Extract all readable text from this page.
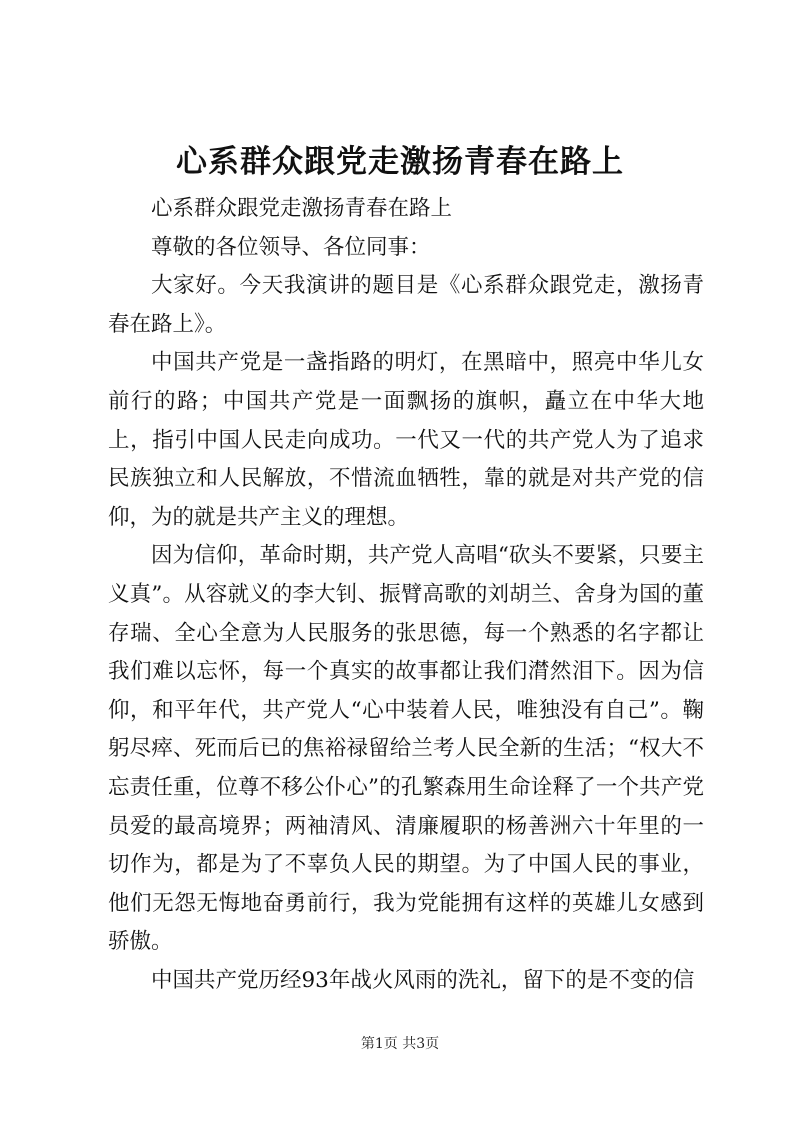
心系群众跟党走激扬青春在路上

心系群众跟党走激扬青春在路上

尊敬的各位领导、各位同事：

大家好。今天我演讲的题目是《心系群众跟党走，激扬青春在路上》。

中国共产党是一盏指路的明灯，在黑暗中，照亮中华儿女前行的路；中国共产党是一面飘扬的旗帜，矗立在中华大地上，指引中国人民走向成功。一代又一代的共产党人为了追求民族独立和人民解放，不惜流血牺牲，靠的就是对共产党的信仰，为的就是共产主义的理想。

因为信仰，革命时期，共产党人高唱“砍头不要紧，只要主义真”。从容就义的李大钊、振臂高歌的刘胡兰、舍身为国的董存瑞、全心全意为人民服务的张思德，每一个熟悉的名字都让我们难以忘怀，每一个真实的故事都让我们潸然泪下。因为信仰，和平年代，共产党人“心中装着人民，唯独没有自己”。鞠躬尽瘁、死而后已的焦裕禄留给兰考人民全新的生活；“权大不忘责任重，位尊不移公仆心”的孔繁森用生命诠释了一个共产党员爱的最高境界；两袖清风、清廉履职的杨善洲六十年里的一切作为，都是为了不辜负人民的期望。为了中国人民的事业，他们无怨无悔地奋勇前行，我为党能拥有这样的英雄儿女感到骄傲。

中国共产党历经93年战火风雨的洗礼，留下的是不变的信

第1页 共3页
